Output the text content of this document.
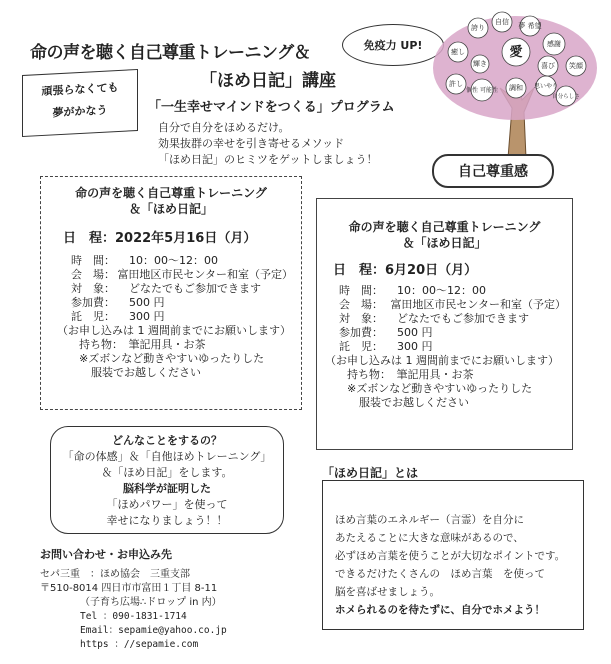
命の声を聴く自己尊重トレーニング＆
「ほめ日記」講座
免疫力 UP!
頑張らなくても
夢がかなう	「一生幸せマインドをつくる」プログラム
自分で自分をほめるだけ。
効果抜群の幸せを引き寄せるメソッド
「ほめ日記」のヒミツをゲットしましょう！
自信 夢 希望
誇り
愛
感謝
癒し
輝き	喜び
許し
個性 可能性 調和
笑顔
思いやり
自分らしさ
自己尊重感
命の声を聴く自己尊重トレーニング
＆「ほめ日記」
日　程：2022年5月16日（月）
時　間：	10：00～12：00
会　場： 富田地区市民センター和室（予定）
対　象：	どなたでもご参加できます
参加費：	500 円
託　児：	300 円
（お申し込みは 1 週間前までにお願いします）
持ち物：　筆記用具・お茶
※ズボンなど動きやすいゆったりした
服装でお越しください
命の声を聴く自己尊重トレーニング
＆「ほめ日記」
日　程：6月20日（月）
時　間：	10：00～12：00
会　場： 富田地区市民センター和室（予定）
対　象：	どなたでもご参加できます
参加費：	500 円
託　児：	300 円
（お申し込みは 1 週間前までにお願いします）
持ち物：　筆記用具・お茶
※ズボンなど動きやすいゆったりした
服装でお越しください
どんなことをするの？
「命の体感」＆「自他ほめトレーニング」
＆「ほめ日記」をします。
脳科学が証明した
「ほめパワー」を使って
幸せになりましょう！！
お問い合わせ・お申込み先
セパ三重　：ほめ協会　三重支部
〒510-8014 四日市市富田１丁目 8-11
（子育ち広場∴ドロップ in 内）
Tel ：090-1831-1714
Email：sepamie@yahoo.co.jp
https ：//sepamie.com
「ほめ日記」とは
ほめ言葉のエネルギー（言霊）を自分に
あたえることに大きな意味があるので、
必ずほめ言葉を使うことが大切なポイントです。
できるだけたくさんの　ほめ言葉　を使って
脳を喜ばせましょう。
ホメられるのを待たずに、自分でホメよう！
